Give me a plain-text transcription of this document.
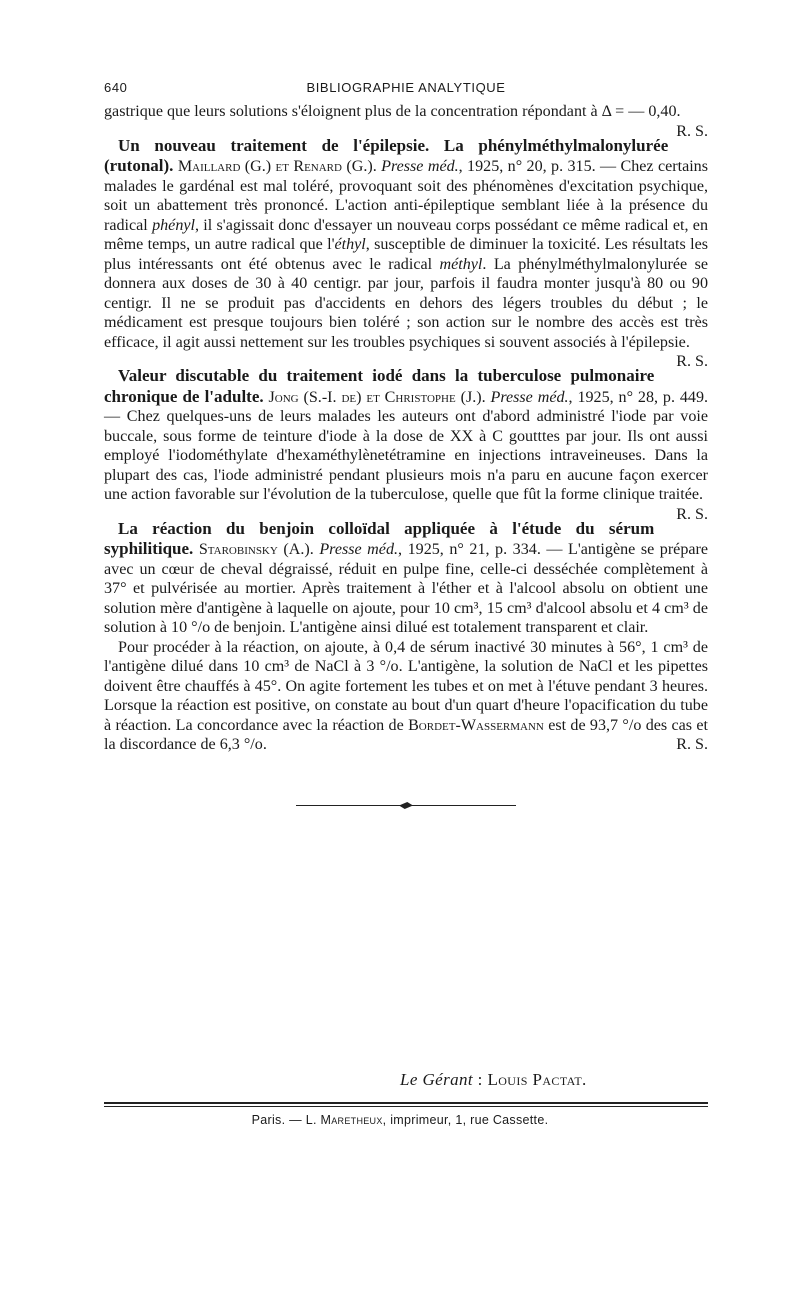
640	BIBLIOGRAPHIE ANALYTIQUE

gastrique que leurs solutions s'éloignent plus de la concentration répondant à Δ = — 0,40.
R. S.

Un nouveau traitement de l'épilepsie. La phénylméthylmalonylurée (rutonal). Maillard (G.) et Renard (G.). Presse méd., 1925, n° 20, p. 315. — Chez certains malades le gardénal est mal toléré, provoquant soit des phénomènes d'excitation psychique, soit un abattement très prononcé. L'action anti-épileptique semblant liée à la présence du radical phényl, il s'agissait donc d'essayer un nouveau corps possédant ce même radical et, en même temps, un autre radical que l'éthyl, susceptible de diminuer la toxicité. Les résultats les plus intéressants ont été obtenus avec le radical méthyl. La phénylméthylmalonylurée se donnera aux doses de 30 à 40 centigr. par jour, parfois il faudra monter jusqu'à 80 ou 90 centigr. Il ne se produit pas d'accidents en dehors des légers troubles du début ; le médicament est presque toujours bien toléré ; son action sur le nombre des accès est très efficace, il agit aussi nettement sur les troubles psychiques si souvent associés à l'épilepsie.
R. S.

Valeur discutable du traitement iodé dans la tuberculose pulmonaire chronique de l'adulte. Jong (S.-I. de) et Christophe (J.). Presse méd., 1925, n° 28, p. 449. — Chez quelques-uns de leurs malades les auteurs ont d'abord administré l'iode par voie buccale, sous forme de teinture d'iode à la dose de XX à C goutttes par jour. Ils ont aussi employé l'iodométhylate d'hexaméthylènetétramine en injections intraveineuses. Dans la plupart des cas, l'iode administré pendant plusieurs mois n'a paru en aucune façon exercer une action favorable sur l'évolution de la tuberculose, quelle que fût la forme clinique traitée.
R. S.

La réaction du benjoin colloïdal appliquée à l'étude du sérum syphilitique. Starobinsky (A.). Presse méd., 1925, n° 21, p. 334. — L'antigène se prépare avec un cœur de cheval dégraissé, réduit en pulpe fine, celle-ci desséchée complètement à 37° et pulvérisée au mortier. Après traitement à l'éther et à l'alcool absolu on obtient une solution mère d'antigène à laquelle on ajoute, pour 10 cm³, 15 cm³ d'alcool absolu et 4 cm³ de solution à 10 °/o de benjoin. L'antigène ainsi dilué est totalement transparent et clair.

Pour procéder à la réaction, on ajoute, à 0,4 de sérum inactivé 30 minutes à 56°, 1 cm³ de l'antigène dilué dans 10 cm³ de NaCl à 3 °/o. L'antigène, la solution de NaCl et les pipettes doivent être chauffés à 45°. On agite fortement les tubes et on met à l'étuve pendant 3 heures. Lorsque la réaction est positive, on constate au bout d'un quart d'heure l'opacification du tube à réaction. La concordance avec la réaction de Bordet-Wassermann est de 93,7 °/o des cas et la discordance de 6,3 °/o.	R. S.

Le Gérant : Louis Pactat.
Paris. — L. Maretheux, imprimeur, 1, rue Cassette.
